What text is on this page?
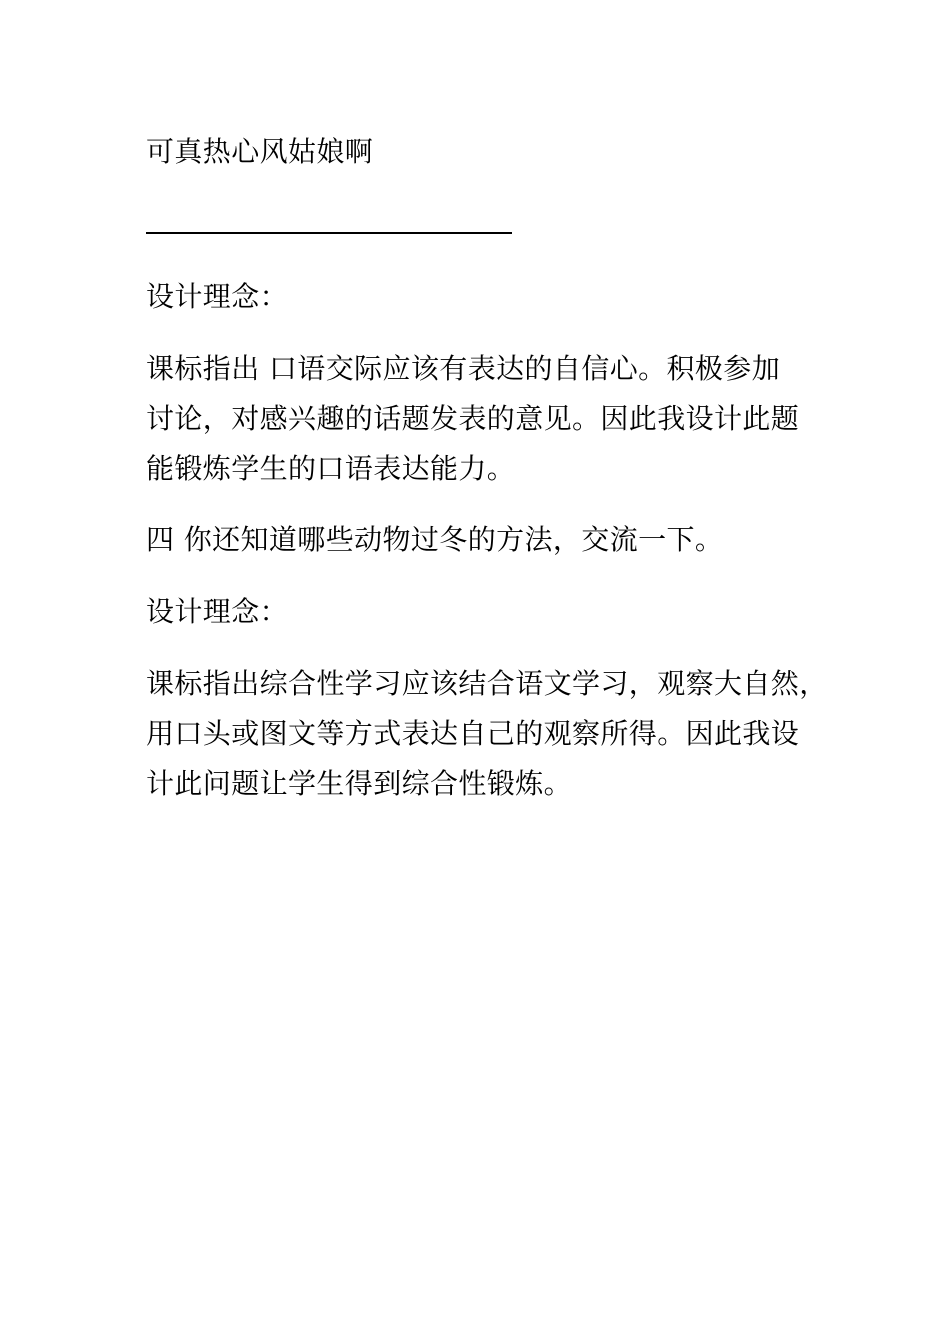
可真热心风姑娘啊
设计理念：
课标指出 口语交际应该有表达的自信心。积极参加
讨论，对感兴趣的话题发表的意见。因此我设计此题
能锻炼学生的口语表达能力。
四 你还知道哪些动物过冬的方法，交流一下。
设计理念：
课标指出综合性学习应该结合语文学习，观察大自然，
用口头或图文等方式表达自己的观察所得。因此我设
计此问题让学生得到综合性锻炼。
